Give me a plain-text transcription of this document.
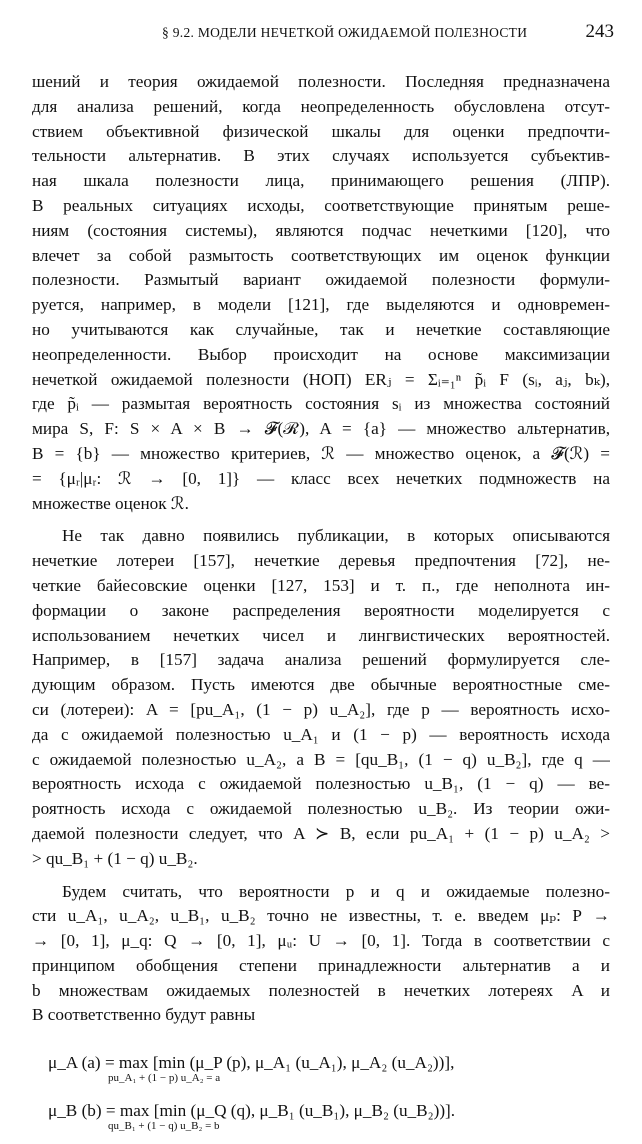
§ 9.2. МОДЕЛИ НЕЧЕТКОЙ ОЖИДАЕМОЙ ПОЛЕЗНОСТИ	243
шений и теория ожидаемой полезности. Последняя предназначена
для анализа решений, когда неопределенность обусловлена отсут-
ствием объективной физической шкалы для оценки предпочти-
тельности альтернатив. В этих случаях используется субъектив-
ная шкала полезности лица, принимающего решения (ЛПР).
В реальных ситуациях исходы, соответствующие принятым реше-
ниям (состояния системы), являются подчас нечеткими [120], что
влечет за собой размытость соответствующих им оценок функции
полезности. Размытый вариант ожидаемой полезности формули-
руется, например, в модели [121], где выделяются и одновремен-
но учитываются как случайные, так и нечеткие составляющие
неопределенности. Выбор происходит на основе максимизации
нечеткой ожидаемой полезности (НОП) ERⱼ = Σᵢ₌₁ⁿ p̃ᵢ F (sᵢ, aⱼ, bₖ),
где p̃ᵢ — размытая вероятность состояния sᵢ из множества состояний
мира S, F: S × A × B → 𝓕(ℛ), A = {a} — множество альтернатив,
B = {b} — множество критериев, ℛ — множество оценок, а 𝓕(ℛ) =
= {μᵣ|μᵣ: ℛ → [0, 1]} — класс всех нечетких подмножеств на
множестве оценок ℛ.
Не так давно появились публикации, в которых описываются
нечеткие лотереи [157], нечеткие деревья предпочтения [72], не-
четкие байесовские оценки [127, 153] и т. п., где неполнота ин-
формации о законе распределения вероятности моделируется с
использованием нечетких чисел и лингвистических вероятностей.
Например, в [157] задача анализа решений формулируется сле-
дующим образом. Пусть имеются две обычные вероятностные сме-
си (лотереи): A = [pu_A₁, (1 − p) u_A₂], где p — вероятность исхо-
да с ожидаемой полезностью u_A₁ и (1 − p) — вероятность исхода
с ожидаемой полезностью u_A₂, а B = [qu_B₁, (1 − q) u_B₂], где q —
вероятность исхода с ожидаемой полезностью u_B₁, (1 − q) — ве-
роятность исхода с ожидаемой полезностью u_B₂. Из теории ожи-
даемой полезности следует, что A ≻ B, если pu_A₁ + (1 − p) u_A₂ >
> qu_B₁ + (1 − q) u_B₂.
Будем считать, что вероятности p и q и ожидаемые полезно-
сти u_A₁, u_A₂, u_B₁, u_B₂ точно не известны, т. е. введем μₚ: P →
→ [0, 1], μ_q: Q → [0, 1], μᵤ: U → [0, 1]. Тогда в соответствии с
принципом обобщения степени принадлежности альтернатив a и
b множествам ожидаемых полезностей в нечетких лотереях A и
B соответственно будут равны
μ_A (a) = max [min (μ_P (p), μ_A₁ (u_A₁), μ_A₂ (u_A₂))],
pu_A₁ + (1 − p) u_A₂ = a
μ_B (b) = max [min (μ_Q (q), μ_B₁ (u_B₁), μ_B₂ (u_B₂))].
qu_B₁ + (1 − q) u_B₂ = b
